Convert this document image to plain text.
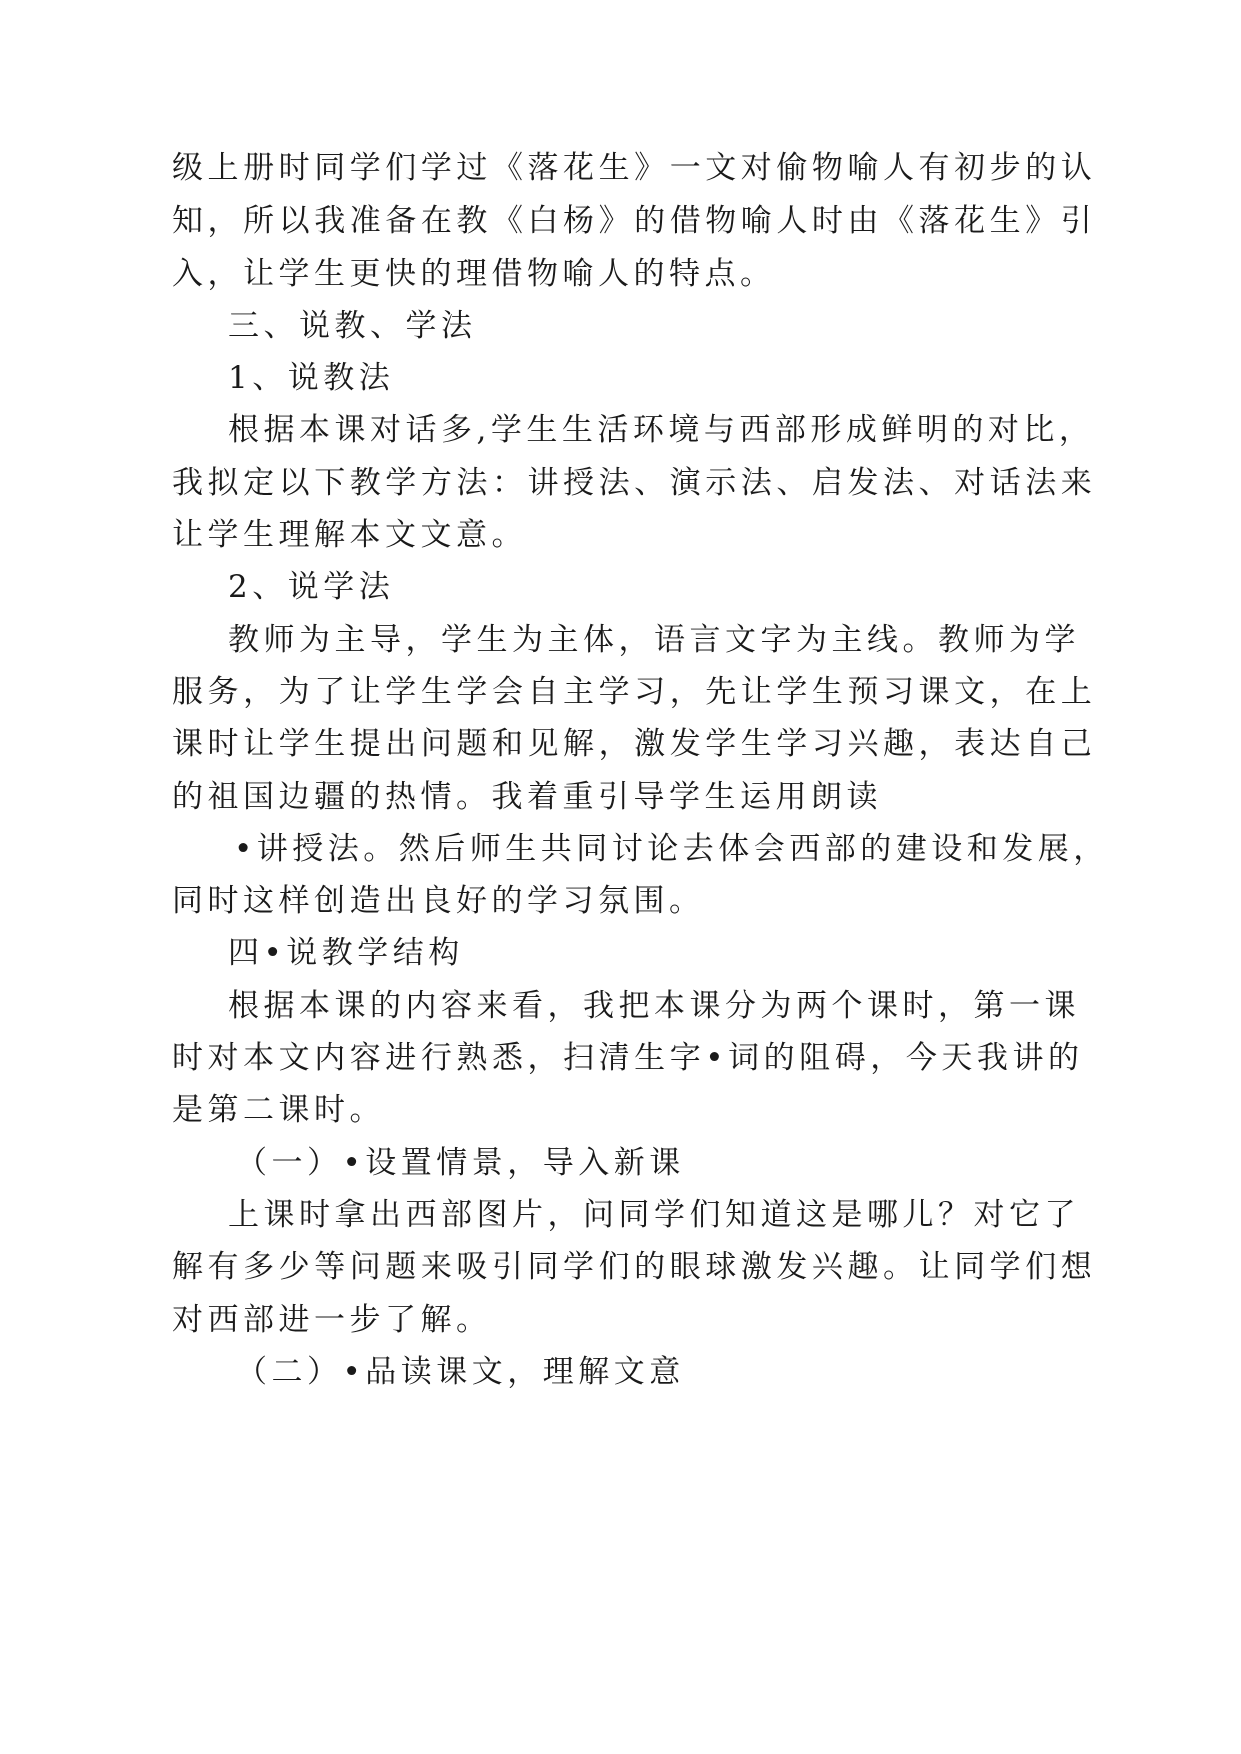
级上册时同学们学过《落花生》一文对偷物喻人有初步的认
知，所以我准备在教《白杨》的借物喻人时由《落花生》引
入，让学生更快的理借物喻人的特点。
三、说教、学法
1、说教法
根据本课对话多,学生生活环境与西部形成鲜明的对比，
我拟定以下教学方法：讲授法、演示法、启发法、对话法来
让学生理解本文文意。
2、说学法
教师为主导，学生为主体，语言文字为主线。教师为学
服务，为了让学生学会自主学习，先让学生预习课文，在上
课时让学生提出问题和见解，激发学生学习兴趣，表达自己
的祖国边疆的热情。我着重引导学生运用朗读
•讲授法。然后师生共同讨论去体会西部的建设和发展，
同时这样创造出良好的学习氛围。
四•说教学结构
根据本课的内容来看，我把本课分为两个课时，第一课
时对本文内容进行熟悉，扫清生字•词的阻碍，今天我讲的
是第二课时。
（一）•设置情景，导入新课
上课时拿出西部图片，问同学们知道这是哪儿？对它了
解有多少等问题来吸引同学们的眼球激发兴趣。让同学们想
对西部进一步了解。
（二）•品读课文，理解文意
